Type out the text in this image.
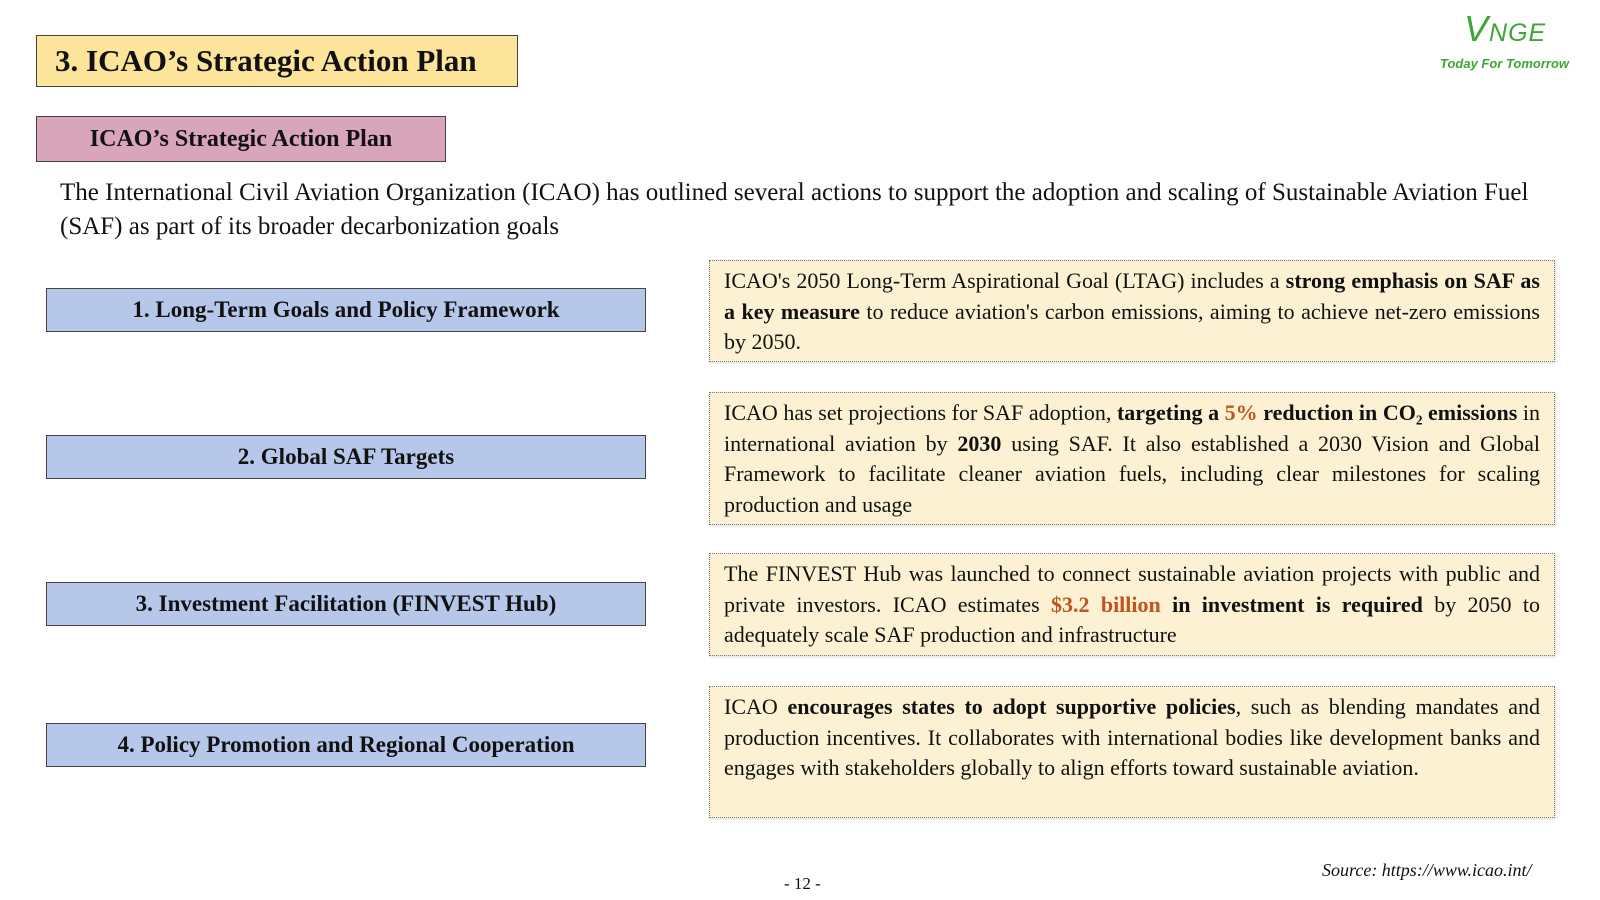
3. ICAO’s Strategic Action Plan
VNGE
Today For Tomorrow
ICAO’s Strategic Action Plan
The International Civil Aviation Organization (ICAO) has outlined several actions to support the adoption and scaling of Sustainable Aviation Fuel (SAF) as part of its broader decarbonization goals
1. Long-Term Goals and Policy Framework
ICAO's 2050 Long-Term Aspirational Goal (LTAG) includes a strong emphasis on SAF as a key measure to reduce aviation's carbon emissions, aiming to achieve net-zero emissions by 2050.
2. Global SAF Targets
ICAO has set projections for SAF adoption, targeting a 5% reduction in CO₂ emissions in international aviation by 2030 using SAF. It also established a 2030 Vision and Global Framework to facilitate cleaner aviation fuels, including clear milestones for scaling production and usage
3. Investment Facilitation (FINVEST Hub)
The FINVEST Hub was launched to connect sustainable aviation projects with public and private investors. ICAO estimates $3.2 billion in investment is required by 2050 to adequately scale SAF production and infrastructure
4. Policy Promotion and Regional Cooperation
ICAO encourages states to adopt supportive policies, such as blending mandates and production incentives. It collaborates with international bodies like development banks and engages with stakeholders globally to align efforts toward sustainable aviation.
Source: https://www.icao.int/
- 12 -
